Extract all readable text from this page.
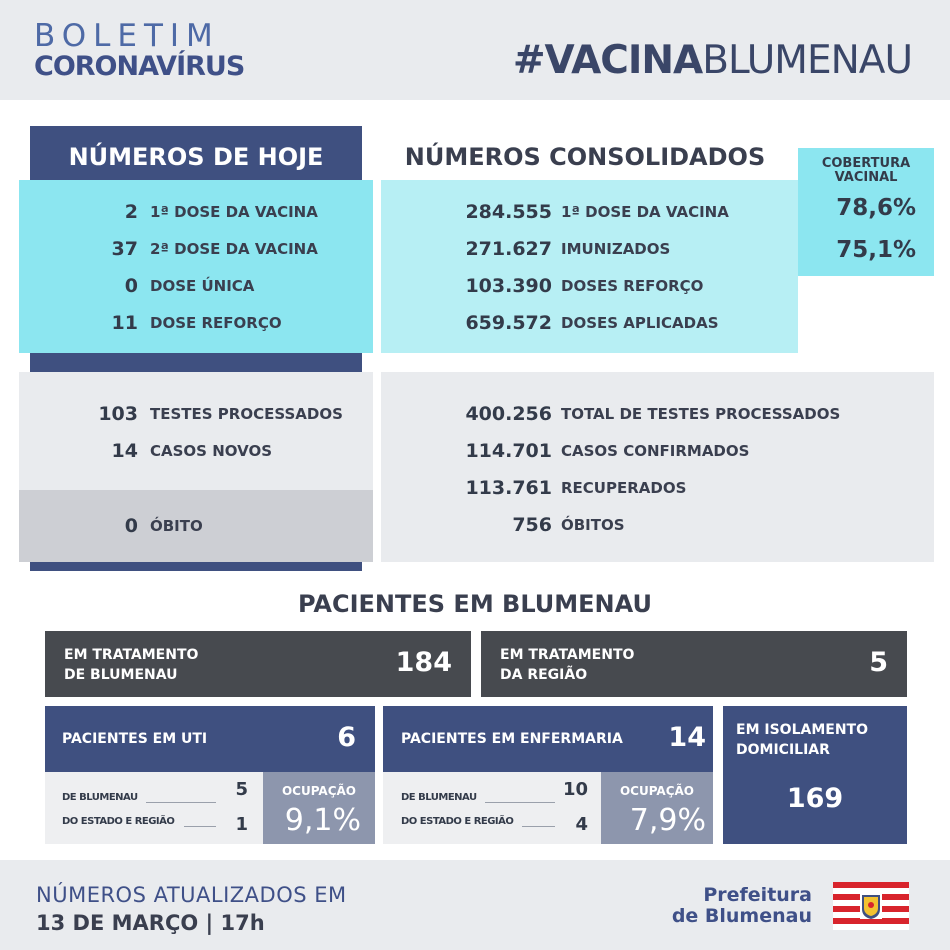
BOLETIM
CORONAVÍRUS	#VACINABLUMENAU
NÚMEROS DE HOJE	NÚMEROS CONSOLIDADOS	COBERTURA
VACINAL
78,6%
75,1%
2 1ª DOSE DA VACINA
37 2ª DOSE DA VACINA
0 DOSE ÚNICA
11 DOSE REFORÇO
284.555 1ª DOSE DA VACINA
271.627 IMUNIZADOS
103.390 DOSES REFORÇO
659.572 DOSES APLICADAS
103 TESTES PROCESSADOS
14 CASOS NOVOS
0 ÓBITO
400.256 TOTAL DE TESTES PROCESSADOS
114.701 CASOS CONFIRMADOS
113.761 RECUPERADOS
756 ÓBITOS
PACIENTES EM BLUMENAU
EM TRATAMENTO
DE BLUMENAU	184	EM TRATAMENTO
DA REGIÃO	5
PACIENTES EM UTI	6
DE BLUMENAU	5
DO ESTADO E REGIÃO	1
OCUPAÇÃO
9,1%
PACIENTES EM ENFERMARIA	14
DE BLUMENAU	10
DO ESTADO E REGIÃO	4
OCUPAÇÃO
7,9%
EM ISOLAMENTO
DOMICILIAR
169
NÚMEROS ATUALIZADOS EM
13 DE MARÇO | 17h
Prefeitura
de Blumenau
